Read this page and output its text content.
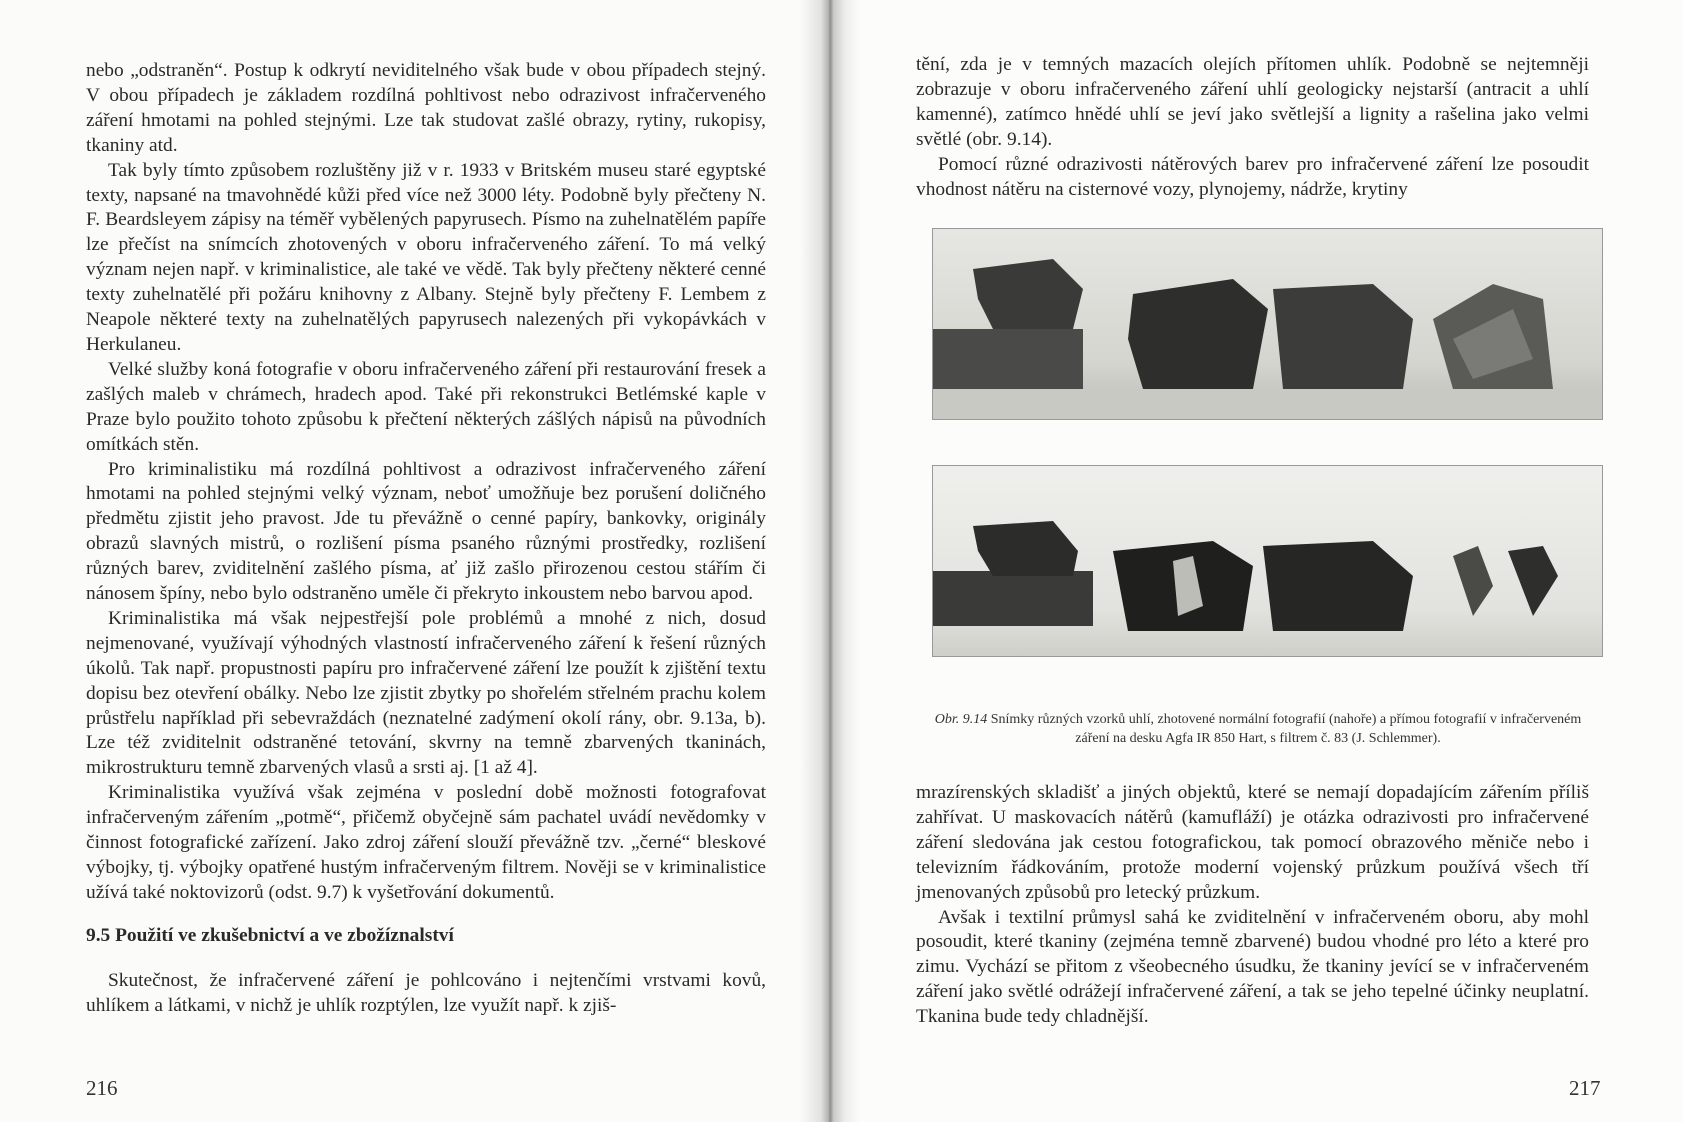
nebo „odstraněn“. Postup k odkrytí neviditelného však bude v obou případech stejný. V obou případech je základem rozdílná pohltivost nebo odrazivost infračerveného záření hmotami na pohled stejnými. Lze tak studovat zašlé obrazy, rytiny, rukopisy, tkaniny atd.

Tak byly tímto způsobem rozluštěny již v r. 1933 v Britském museu staré egyptské texty, napsané na tmavohnědé kůži před více než 3000 léty. Podobně byly přečteny N. F. Beardsleyem zápisy na téměř vybělených papyrusech. Písmo na zuhelnatělém papíře lze přečíst na snímcích zhotovených v oboru infračerveného záření. To má velký význam nejen např. v kriminalistice, ale také ve vědě. Tak byly přečteny některé cenné texty zuhelnatělé při požáru knihovny z Albany. Stejně byly přečteny F. Lembem z Neapole některé texty na zuhelnatělých papyrusech nalezených při vykopávkách v Herkulaneu.

Velké služby koná fotografie v oboru infračerveného záření při restaurování fresek a zašlých maleb v chrámech, hradech apod. Také při rekonstrukci Betlémské kaple v Praze bylo použito tohoto způsobu k přečtení některých zášlých nápisů na původních omítkách stěn.

Pro kriminalistiku má rozdílná pohltivost a odrazivost infračerveného záření hmotami na pohled stejnými velký význam, neboť umožňuje bez porušení doličného předmětu zjistit jeho pravost. Jde tu převážně o cenné papíry, bankovky, originály obrazů slavných mistrů, o rozlišení písma psaného různými prostředky, rozlišení různých barev, zviditelnění zašlého písma, ať již zašlo přirozenou cestou stářím či nánosem špíny, nebo bylo odstraněno uměle či překryto inkoustem nebo barvou apod.

Kriminalistika má však nejpestřejší pole problémů a mnohé z nich, dosud nejmenované, využívají výhodných vlastností infračerveného záření k řešení různých úkolů. Tak např. propustnosti papíru pro infračervené záření lze použít k zjištění textu dopisu bez otevření obálky. Nebo lze zjistit zbytky po shořelém střelném prachu kolem průstřelu například při sebevraždách (neznatelné zadýmení okolí rány, obr. 9.13a, b). Lze též zviditelnit odstraněné tetování, skvrny na temně zbarvených tkaninách, mikrostrukturu temně zbarvených vlasů a srsti aj. [1 až 4].

Kriminalistika využívá však zejména v poslední době možnosti fotografovat infračerveným zářením „potmě“, přičemž obyčejně sám pachatel uvádí nevědomky v činnost fotografické zařízení. Jako zdroj záření slouží převážně tzv. „černé“ bleskové výbojky, tj. výbojky opatřené hustým infračerveným filtrem. Nověji se v kriminalistice užívá také noktovizorů (odst. 9.7) k vyšetřování dokumentů.

9.5 Použití ve zkušebnictví a ve zbožíznalství

Skutečnost, že infračervené záření je pohlcováno i nejtenčími vrstvami kovů, uhlíkem a látkami, v nichž je uhlík rozptýlen, lze využít např. k zjiš-

216

tění, zda je v temných mazacích olejích přítomen uhlík. Podobně se nejtemněji zobrazuje v oboru infračerveného záření uhlí geologicky nejstarší (antracit a uhlí kamenné), zatímco hnědé uhlí se jeví jako světlejší a lignity a rašelina jako velmi světlé (obr. 9.14).

Pomocí různé odrazivosti nátěrových barev pro infračervené záření lze posoudit vhodnost nátěru na cisternové vozy, plynojemy, nádrže, krytiny

Obr. 9.14 Snímky různých vzorků uhlí, zhotovené normální fotografií (nahoře) a přímou fotografií v infračerveném záření na desku Agfa IR 850 Hart, s filtrem č. 83 (J. Schlemmer).

mrazírenských skladišť a jiných objektů, které se nemají dopadajícím zářením příliš zahřívat. U maskovacích nátěrů (kamufláží) je otázka odrazivosti pro infračervené záření sledována jak cestou fotografickou, tak pomocí obrazového měniče nebo i televizním řádkováním, protože moderní vojenský průzkum používá všech tří jmenovaných způsobů pro letecký průzkum.

Avšak i textilní průmysl sahá ke zviditelnění v infračerveném oboru, aby mohl posoudit, které tkaniny (zejména temně zbarvené) budou vhodné pro léto a které pro zimu. Vychází se přitom z všeobecného úsudku, že tkaniny jevící se v infračerveném záření jako světlé odrážejí infračervené záření, a tak se jeho tepelné účinky neuplatní. Tkanina bude tedy chladnější.

217
